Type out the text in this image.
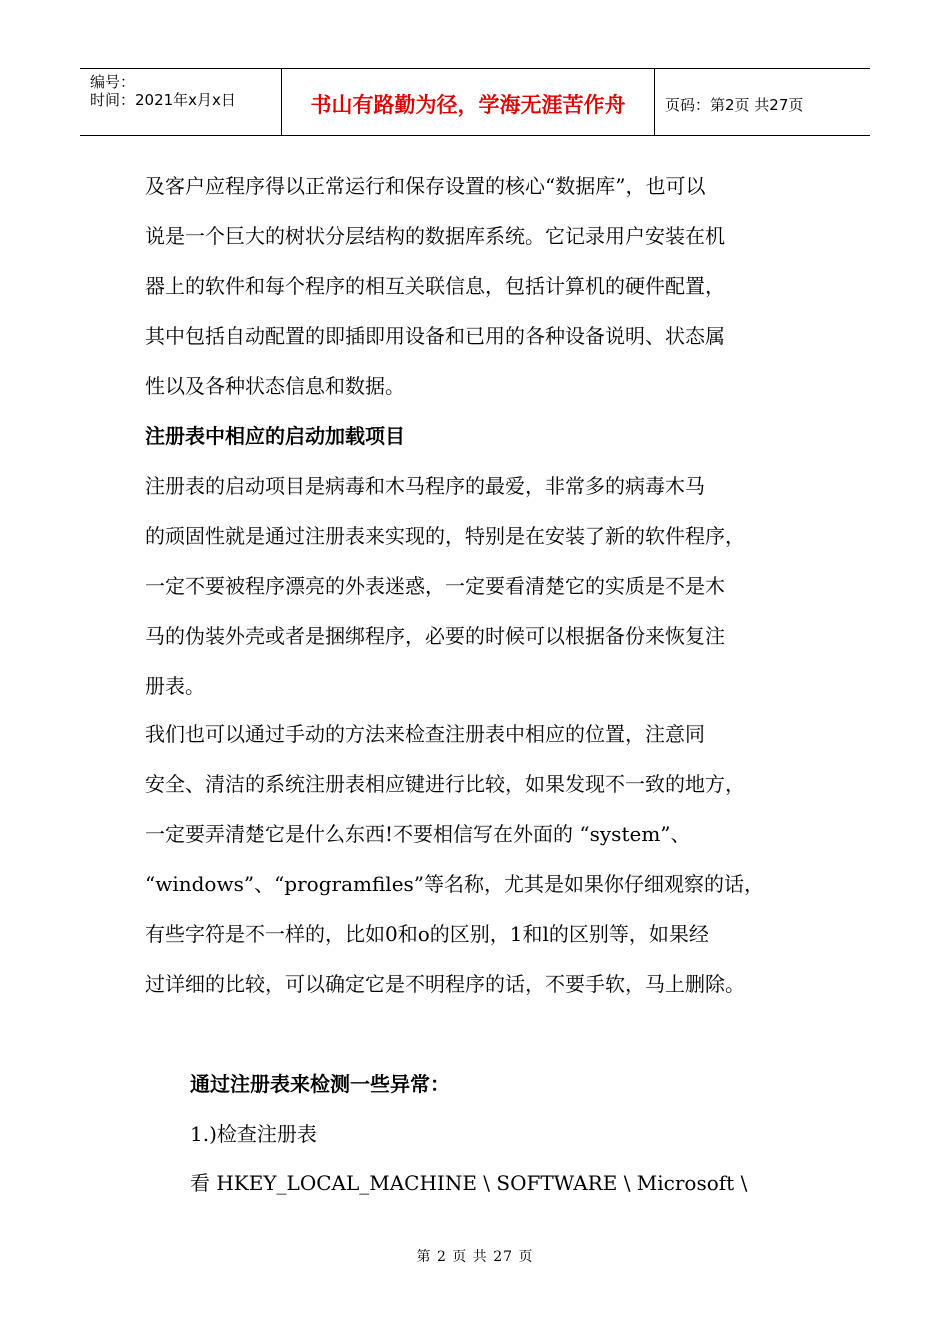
编号：
时间：2021年x月x日	书山有路勤为径，学海无涯苦作舟	页码：第2页 共27页
及客户应程序得以正常运行和保存设置的核心“数据库”，也可以
说是一个巨大的树状分层结构的数据库系统。它记录用户安装在机
器上的软件和每个程序的相互关联信息，包括计算机的硬件配置，
其中包括自动配置的即插即用设备和已用的各种设备说明、状态属
性以及各种状态信息和数据。
注册表中相应的启动加载项目
注册表的启动项目是病毒和木马程序的最爱，非常多的病毒木马
的顽固性就是通过注册表来实现的，特别是在安装了新的软件程序，
一定不要被程序漂亮的外表迷惑，一定要看清楚它的实质是不是木
马的伪装外壳或者是捆绑程序，必要的时候可以根据备份来恢复注
册表。
我们也可以通过手动的方法来检查注册表中相应的位置，注意同
安全、清洁的系统注册表相应键进行比较，如果发现不一致的地方，
一定要弄清楚它是什么东西!不要相信写在外面的 “system”、
“windows”、“programfiles”等名称，尤其是如果你仔细观察的话，
有些字符是不一样的，比如0和o的区别，1和l的区别等，如果经
过详细的比较，可以确定它是不明程序的话，不要手软，马上删除。
通过注册表来检测一些异常：
1.)检查注册表
看 HKEY_LOCAL_MACHINE \ SOFTWARE \ Microsoft \
第 2 页 共 27 页
